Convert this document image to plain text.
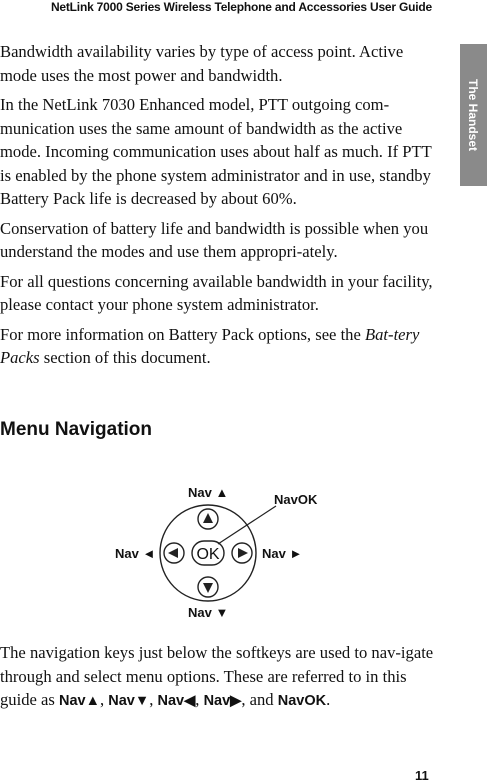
NetLink 7000 Series Wireless Telephone and Accessories User Guide
The Handset

Bandwidth availability varies by type of access point. Active mode uses the most power and bandwidth.

In the NetLink 7030 Enhanced model, PTT outgoing com-munication uses the same amount of bandwidth as the active mode. Incoming communication uses about half as much. If PTT is enabled by the phone system administrator and in use, standby Battery Pack life is decreased by about 60%.

Conservation of battery life and bandwidth is possible when you understand the modes and use them appropri-ately.

For all questions concerning available bandwidth in your facility, please contact your phone system administrator.

For more information on Battery Pack options, see the Bat-tery Packs section of this document.

Menu Navigation
OK
Nav ▲	NavOK
Nav ◄	Nav ►
Nav ▼
The navigation keys just below the softkeys are used to nav-igate through and select menu options. These are referred to in this guide as Nav▲, Nav▼, Nav◀, Nav▶, and NavOK.
11
